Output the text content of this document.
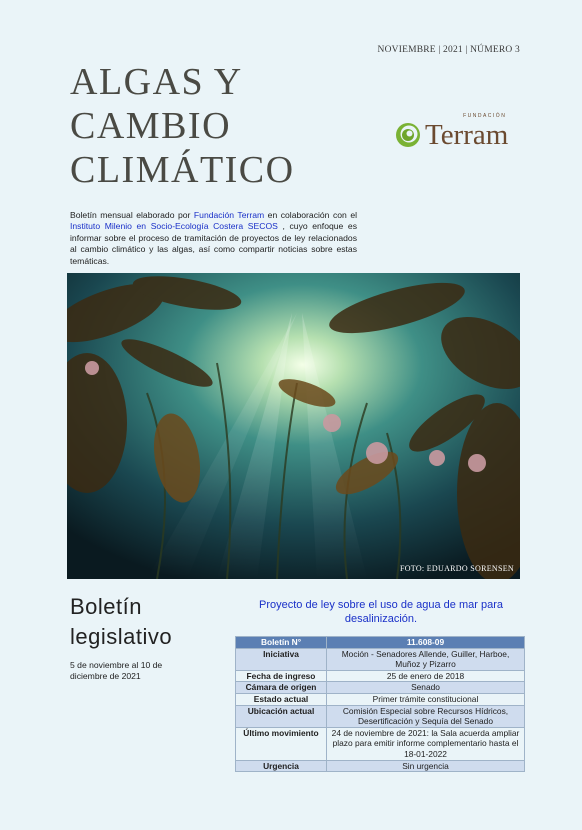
NOVIEMBRE | 2021 | NÚMERO 3
ALGAS Y
CAMBIO
CLIMÁTICO
FUNDACIÓN
Terram
Boletín mensual elaborado por Fundación Terram en colaboración con el Instituto Milenio en Socio-Ecología Costera SECOS , cuyo enfoque es informar sobre el proceso de tramitación de proyectos de ley relacionados al cambio climático y las algas, así como compartir noticias sobre estas temáticas.
FOTO: EDUARDO SORENSEN
Boletín
legislativo
5 de noviembre al 10 de diciembre de 2021
Proyecto de ley sobre el uso de agua de mar para desalinización.
Boletín N°	11.608-09
Iniciativa	Moción - Senadores Allende, Guiller, Harboe, Muñoz y Pizarro
Fecha de ingreso	25 de enero de 2018
Cámara de origen	Senado
Estado actual	Primer trámite constitucional
Ubicación actual	Comisión Especial sobre Recursos Hídricos, Desertificación y Sequía del Senado
Último movimiento	24 de noviembre de 2021: la Sala acuerda ampliar plazo para emitir informe complementario hasta el 18-01-2022
Urgencia	Sin urgencia
